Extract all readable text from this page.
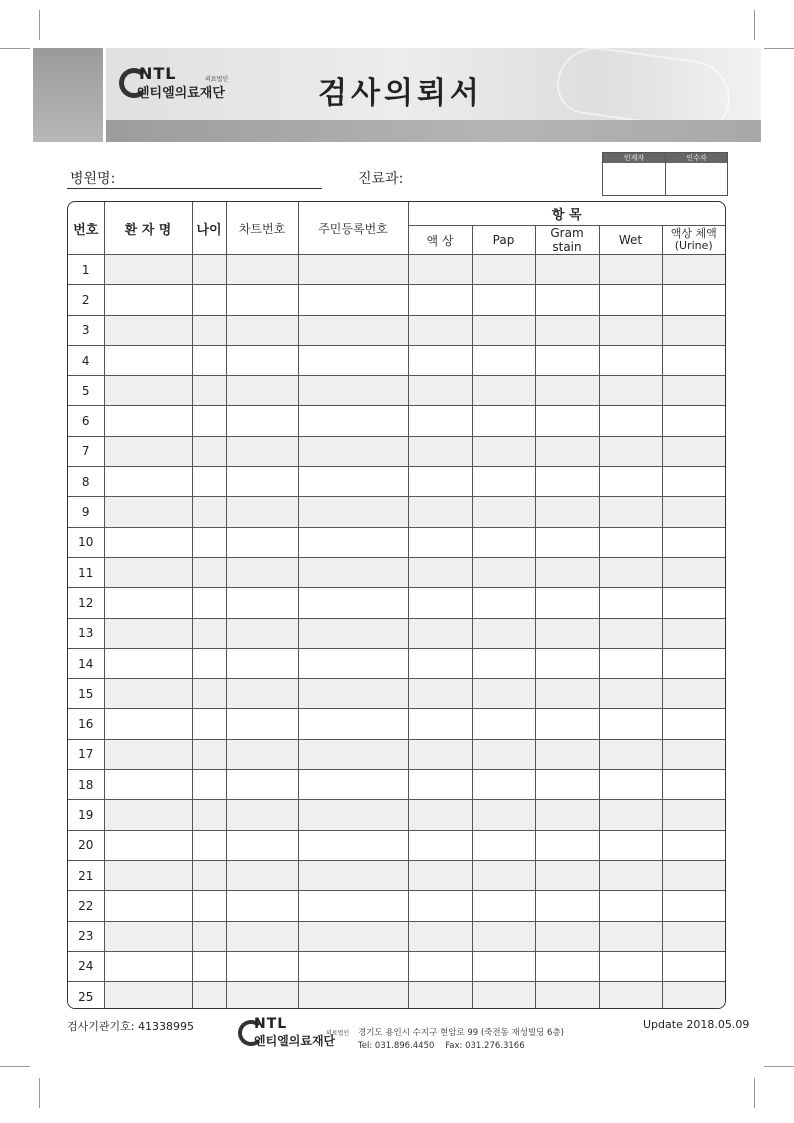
NTL	의료법인
엔티엘의료재단	검사의뢰서
인계자	인수자
병원명:	진료과:
번호	환 자 명	나이	차트번호	주민등록번호	항 목				
					액 상	Pap	Gram stain	Wet	액상 체액 (Urine)
1									
2									
3									
4									
5									
6									
7									
8									
9									
10									
11									
12									
13									
14									
15									
16									
17									
18									
19									
20									
21									
22									
23									
24									
25									
검사기관기호: 41338995	NTL
의료법인
엔티엘의료재단
경기도 용인시 수지구 현암로 99 (죽전동 재성빌딩 6층)
Tel: 031.896.4450 Fax: 031.276.3166
Update 2018.05.09
